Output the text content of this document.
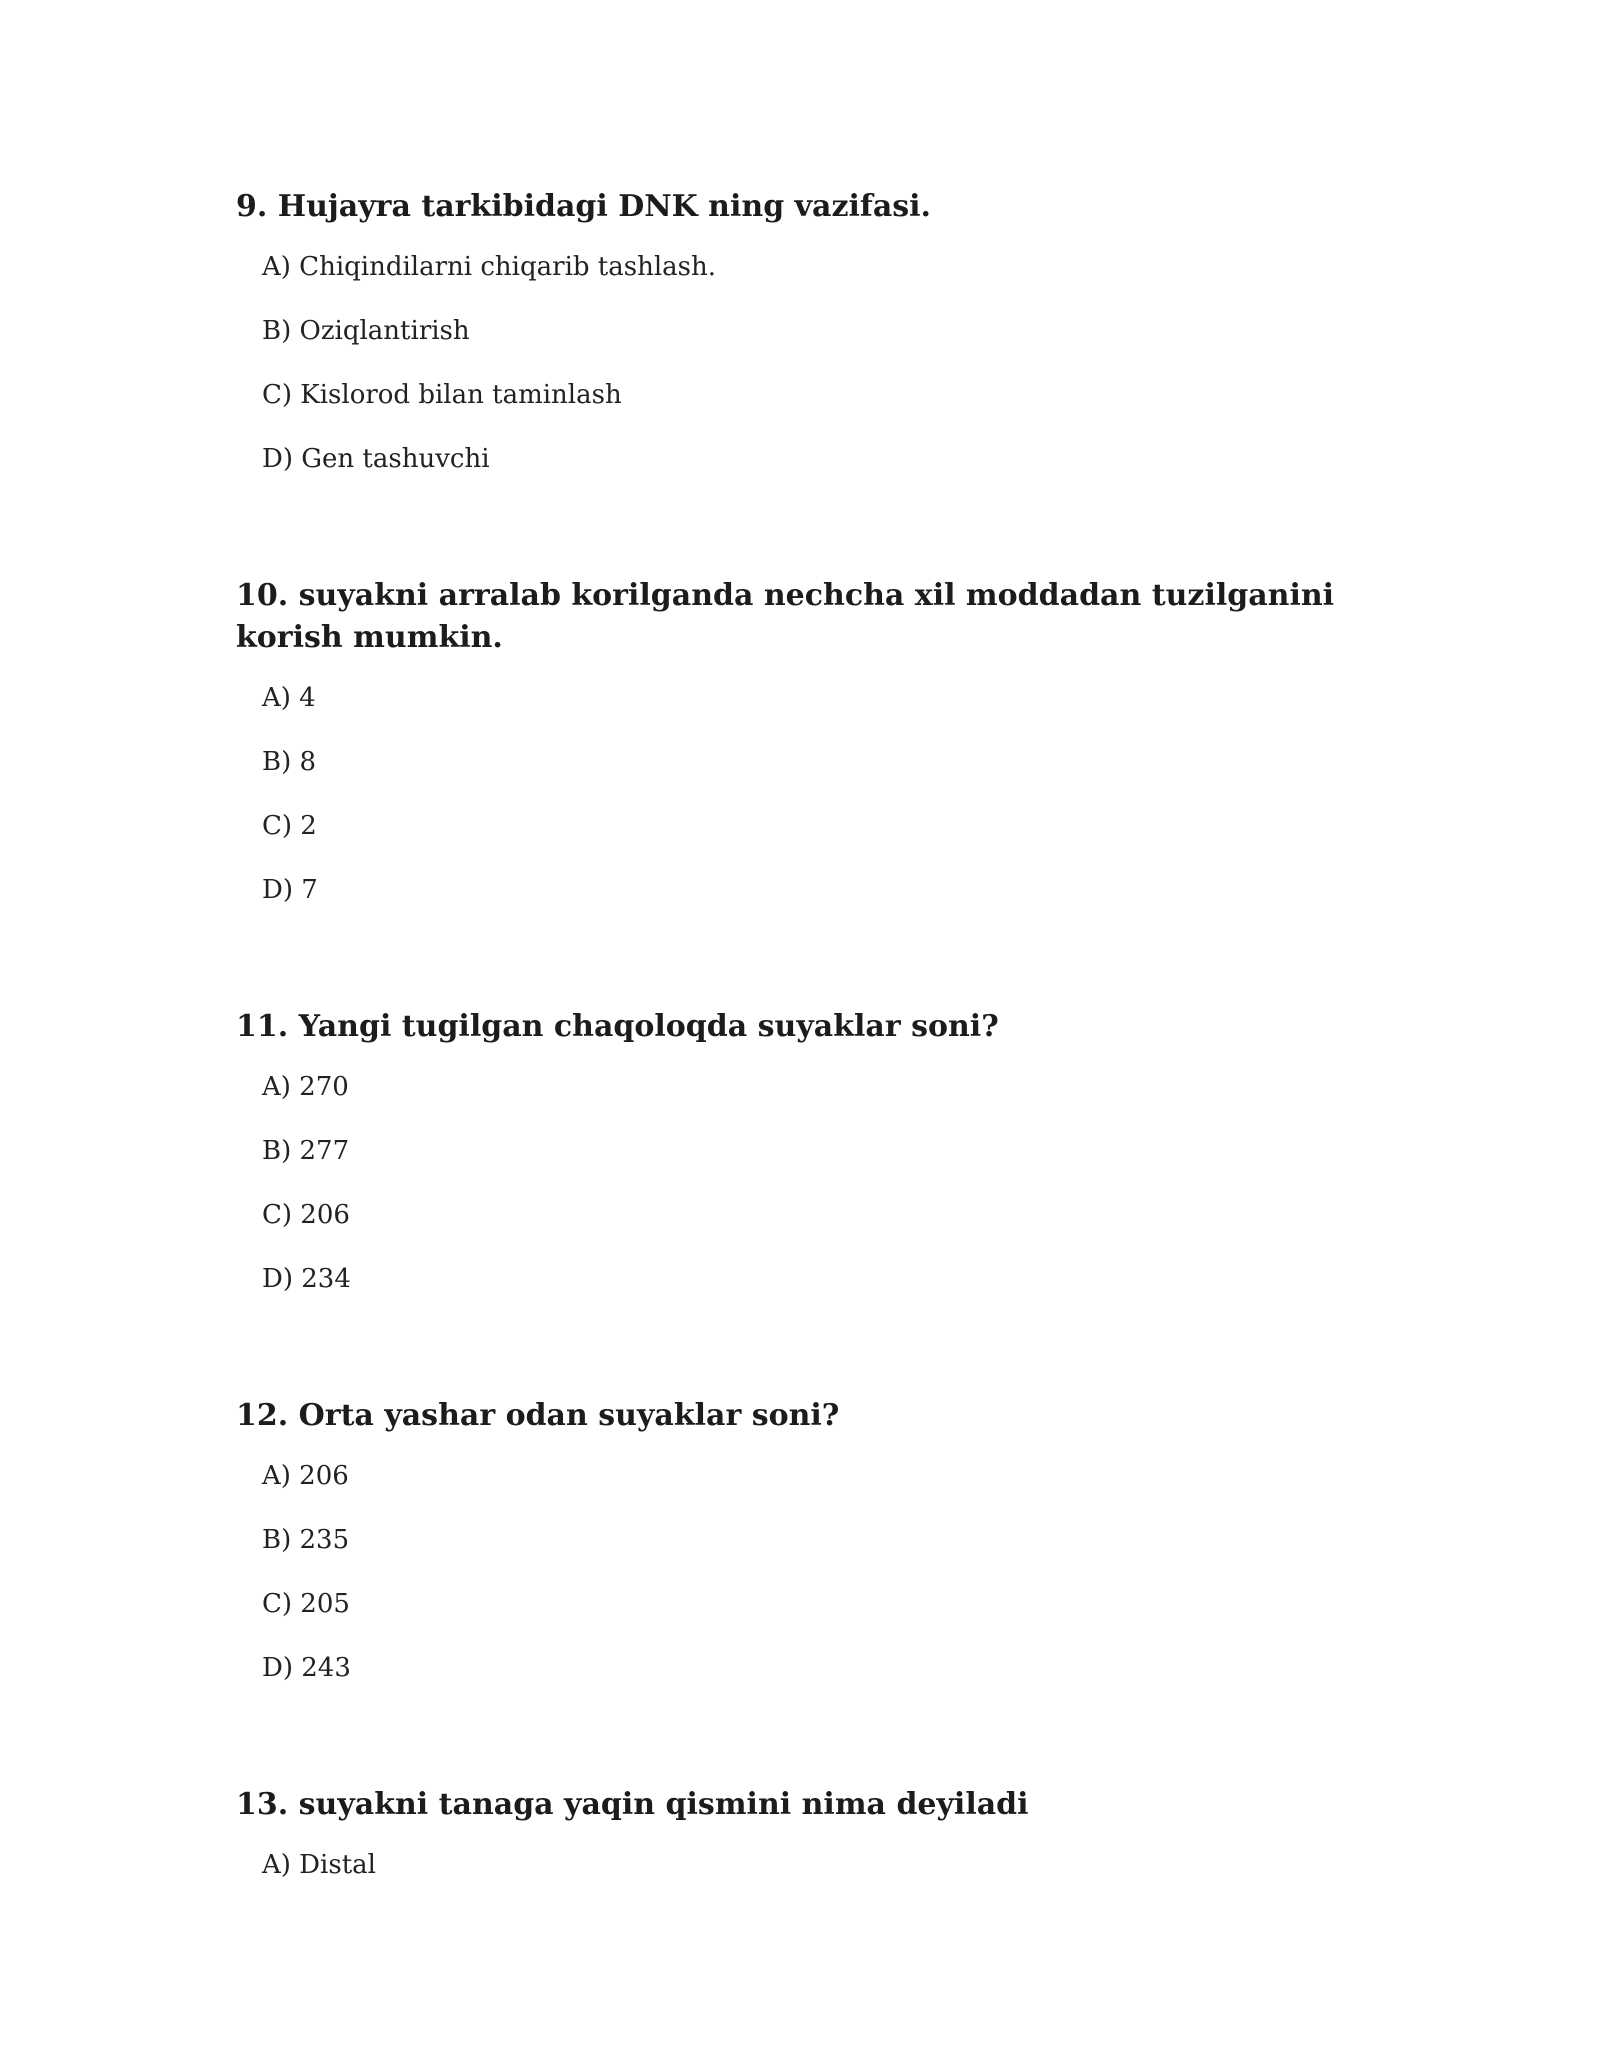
9. Hujayra tarkibidagi DNK ning vazifasi.

A) Chiqindilarni chiqarib tashlash.
B) Oziqlantirish
C) Kislorod bilan taminlash
D) Gen tashuvchi

10. suyakni arralab korilganda nechcha xil moddadan tuzilganini korish mumkin.

A) 4
B) 8
C) 2
D) 7

11. Yangi tugilgan chaqoloqda suyaklar soni?

A) 270
B) 277
C) 206
D) 234

12. Orta yashar odan suyaklar soni?

A) 206
B) 235
C) 205
D) 243

13. suyakni tanaga yaqin qismini nima deyiladi

A) Distal
